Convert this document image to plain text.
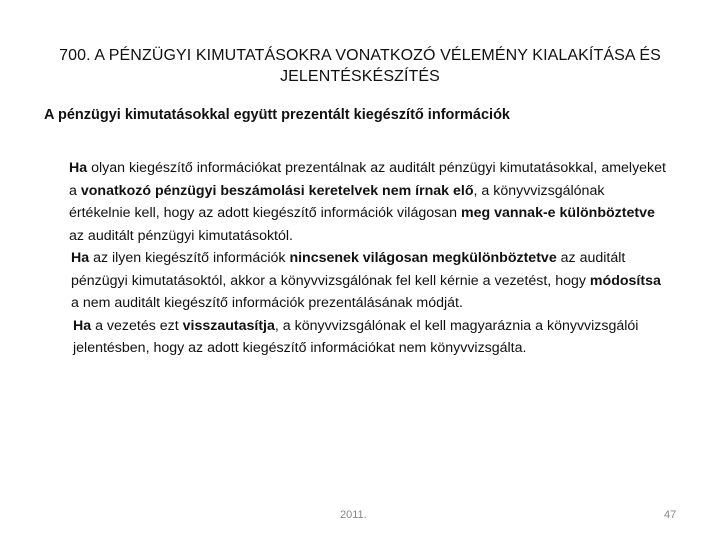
700. A PÉNZÜGYI KIMUTATÁSOKRA VONATKOZÓ VÉLEMÉNY KIALAKÍTÁSA ÉS
JELENTÉSKÉSZÍTÉS
A pénzügyi kimutatásokkal együtt prezentált kiegészítő információk

Ha olyan kiegészítő információkat prezentálnak az auditált pénzügyi kimutatásokkal, amelyeket a vonatkozó pénzügyi beszámolási keretelvek nem írnak elő, a könyvvizsgálónak értékelnie kell, hogy az adott kiegészítő információk világosan meg vannak-e különböztetve az auditált pénzügyi kimutatásoktól.

Ha az ilyen kiegészítő információk nincsenek világosan megkülönböztetve az auditált pénzügyi kimutatásoktól, akkor a könyvvizsgálónak fel kell kérnie a vezetést, hogy módosítsa a nem auditált kiegészítő információk prezentálásának módját.

Ha a vezetés ezt visszautasítja, a könyvvizsgálónak el kell magyaráznia a könyvvizsgálói jelentésben, hogy az adott kiegészítő információkat nem könyvvizsgálta.

2011.	47
